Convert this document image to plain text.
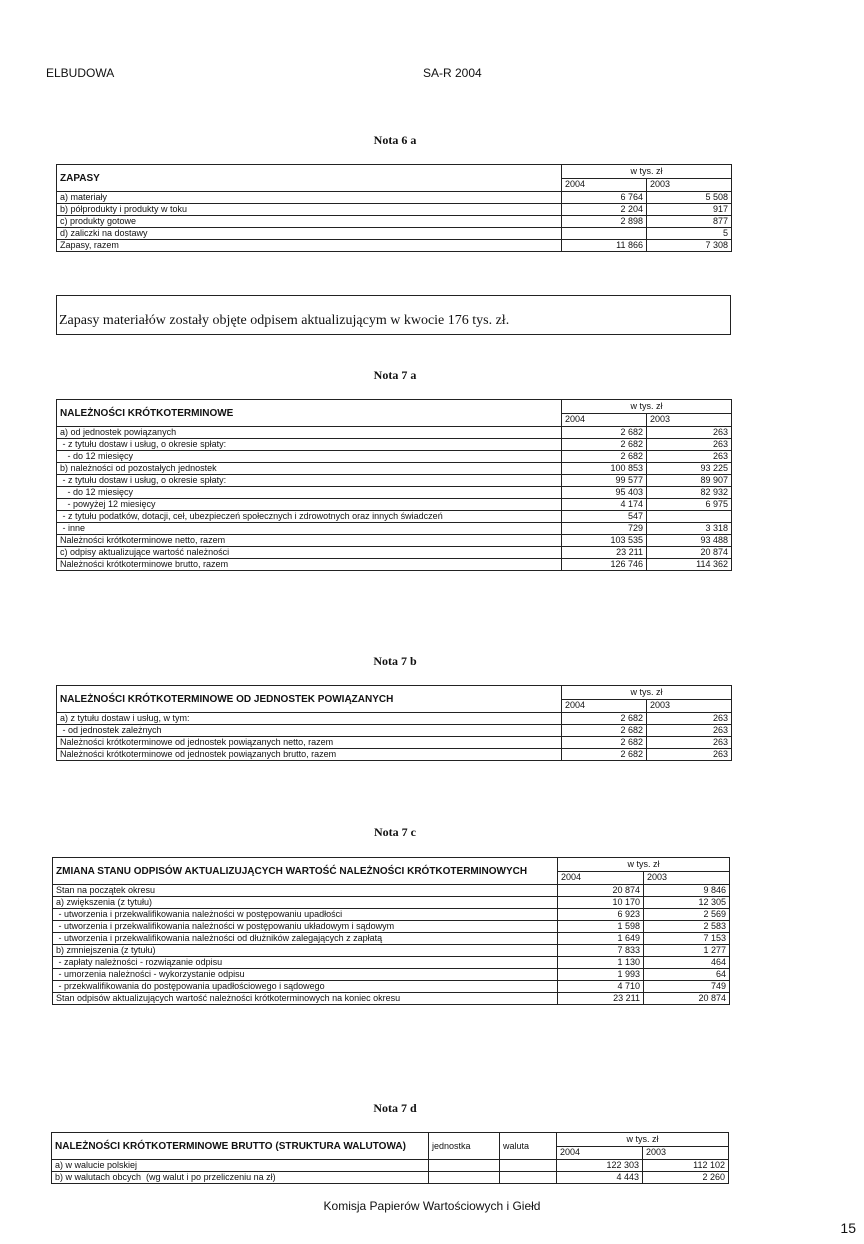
ELBUDOWA	SA-R 2004
Nota 6 a
ZAPASY	w tys. zł	
	2004	2003
a) materiały	6 764	5 508
b) półprodukty i produkty w toku	2 204	917
c) produkty gotowe	2 898	877
d) zaliczki na dostawy		5
Zapasy, razem	11 866	7 308
Zapasy materiałów zostały objęte odpisem aktualizującym w kwocie 176 tys. zł.
Nota 7 a
NALEŻNOŚCI KRÓTKOTERMINOWE	w tys. zł	
	2004	2003
a) od jednostek powiązanych	2 682	263
- z tytułu dostaw i usług, o okresie spłaty:	2 682	263
- do 12 miesięcy	2 682	263
b) należności od pozostałych jednostek	100 853	93 225
- z tytułu dostaw i usług, o okresie spłaty:	99 577	89 907
- do 12 miesięcy	95 403	82 932
- powyżej 12 miesięcy	4 174	6 975
- z tytułu podatków, dotacji, ceł, ubezpieczeń społecznych i zdrowotnych oraz innych świadczeń	547	
- inne	729	3 318
Należności krótkoterminowe netto, razem	103 535	93 488
c) odpisy aktualizujące wartość należności	23 211	20 874
Należności krótkoterminowe brutto, razem	126 746	114 362
Nota 7 b
NALEŻNOŚCI KRÓTKOTERMINOWE OD JEDNOSTEK POWIĄZANYCH	w tys. zł	
	2004	2003
a) z tytułu dostaw i usług, w tym:	2 682	263
- od jednostek zależnych	2 682	263
Należności krótkoterminowe od jednostek powiązanych netto, razem	2 682	263
Należności krótkoterminowe od jednostek powiązanych brutto, razem	2 682	263
Nota 7 c
ZMIANA STANU ODPISÓW AKTUALIZUJĄCYCH WARTOŚĆ NALEŻNOŚCI KRÓTKOTERMINOWYCH	w tys. zł	
	2004	2003
Stan na początek okresu	20 874	9 846
a) zwiększenia (z tytułu)	10 170	12 305
- utworzenia i przekwalifikowania należności w postępowaniu upadłości	6 923	2 569
- utworzenia i przekwalifikowania należności w postępowaniu układowym i sądowym	1 598	2 583
- utworzenia i przekwalifikowania należności od dłużników zalegających z zapłatą	1 649	7 153
b) zmniejszenia (z tytułu)	7 833	1 277
- zapłaty należności - rozwiązanie odpisu	1 130	464
- umorzenia należności - wykorzystanie odpisu	1 993	64
- przekwalifikowania do postępowania upadłościowego i sądowego	4 710	749
Stan odpisów aktualizujących wartość należności krótkoterminowych na koniec okresu	23 211	20 874
Nota 7 d
NALEŻNOŚCI KRÓTKOTERMINOWE BRUTTO (STRUKTURA WALUTOWA)	jednostka	waluta	w tys. zł	
			2004	2003
a) w walucie polskiej			122 303	112 102
b) w walutach obcych  (wg walut i po przeliczeniu na zł)			4 443	2 260
Komisja Papierów Wartościowych i Giełd
15
